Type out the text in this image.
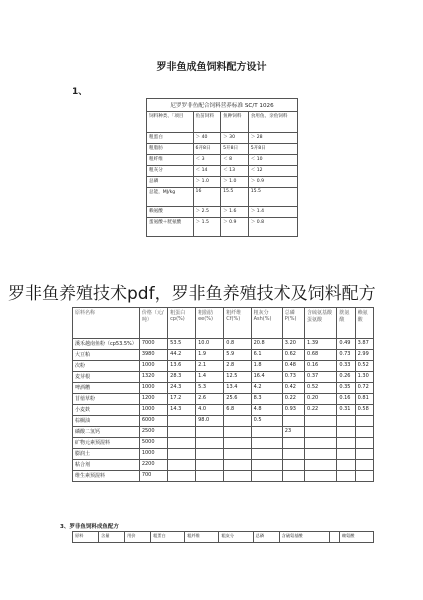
罗非鱼成鱼饲料配方设计
1、
尼罗罗非鱼配合饲料营养标准 SC/T 1026			
饲料种类、「项目	鱼苗饲料	鱼种饲料	食用鱼、亲鱼饲料
粗蛋白	＞ 40	＞ 30	＞ 28
粗脂肪	6开8日	5开8日	5开8日
粗纤维	＜ 3	＜ 8	＜ 10
粗灰分	＜ 14	＜ 13	＜ 12
总磷	＞ 1.0	＞ 1.0	＞ 0.9
总能，MJ/kg	16	15.5	15.5
赖氨酸	＞ 2.5	＞ 1.6	＞ 1.4
蛋氨酸＋胱氨酸	＞ 1.5	＞ 0.9	＞ 0.8
原料名称	价格（元/吨）	粗蛋白cp(%)	粗脂肪ee(%)	粗纤维Cf(%)	粗灰分Ash(%)	总磷P(%)	含硫氨基酸蛋氨酸	胱氨酸	赖氨酸
溪禾越南鱼粉（cp53.5%）	7000	53.5	10.0	0.8	20.8	3.20	1.39	0.49	3.87
大豆粕	3980	44.2	1.9	5.9	6.1	0.62	0.68	0.73	2.99
次粉	1000	13.6	2.1	2.8	1.8	0.48	0.16	0.33	0.52
麦芽根	1320	28.3	1.4	12.5	16.4	0.73	0.37	0.26	1.30
啤酒糟	1000	24.3	5.3	13.4	4.2	0.42	0.52	0.35	0.72
苜蓿草粉	1200	17.2	2.6	25.6	8.3	0.22	0.20	0.16	0.81
小麦麸	1000	14.3	4.0	6.8	4.8	0.93	0.22	0.31	0.58
棕榈油	6000		98.0		0.5				
磷酸二氢钙	2500					23			
矿物元素预混料	5000								
膨润土	1000								
粘合剂	2200								
维生素预混料	700								
罗非鱼养殖技术pdf，罗非鱼养殖技术及饲料配方
3、罗非鱼饲料成鱼配方
原料	含量	用价	粗蛋白	粗纤维	粗灰分	总磷	含硫氨基酸		赖氨酸
